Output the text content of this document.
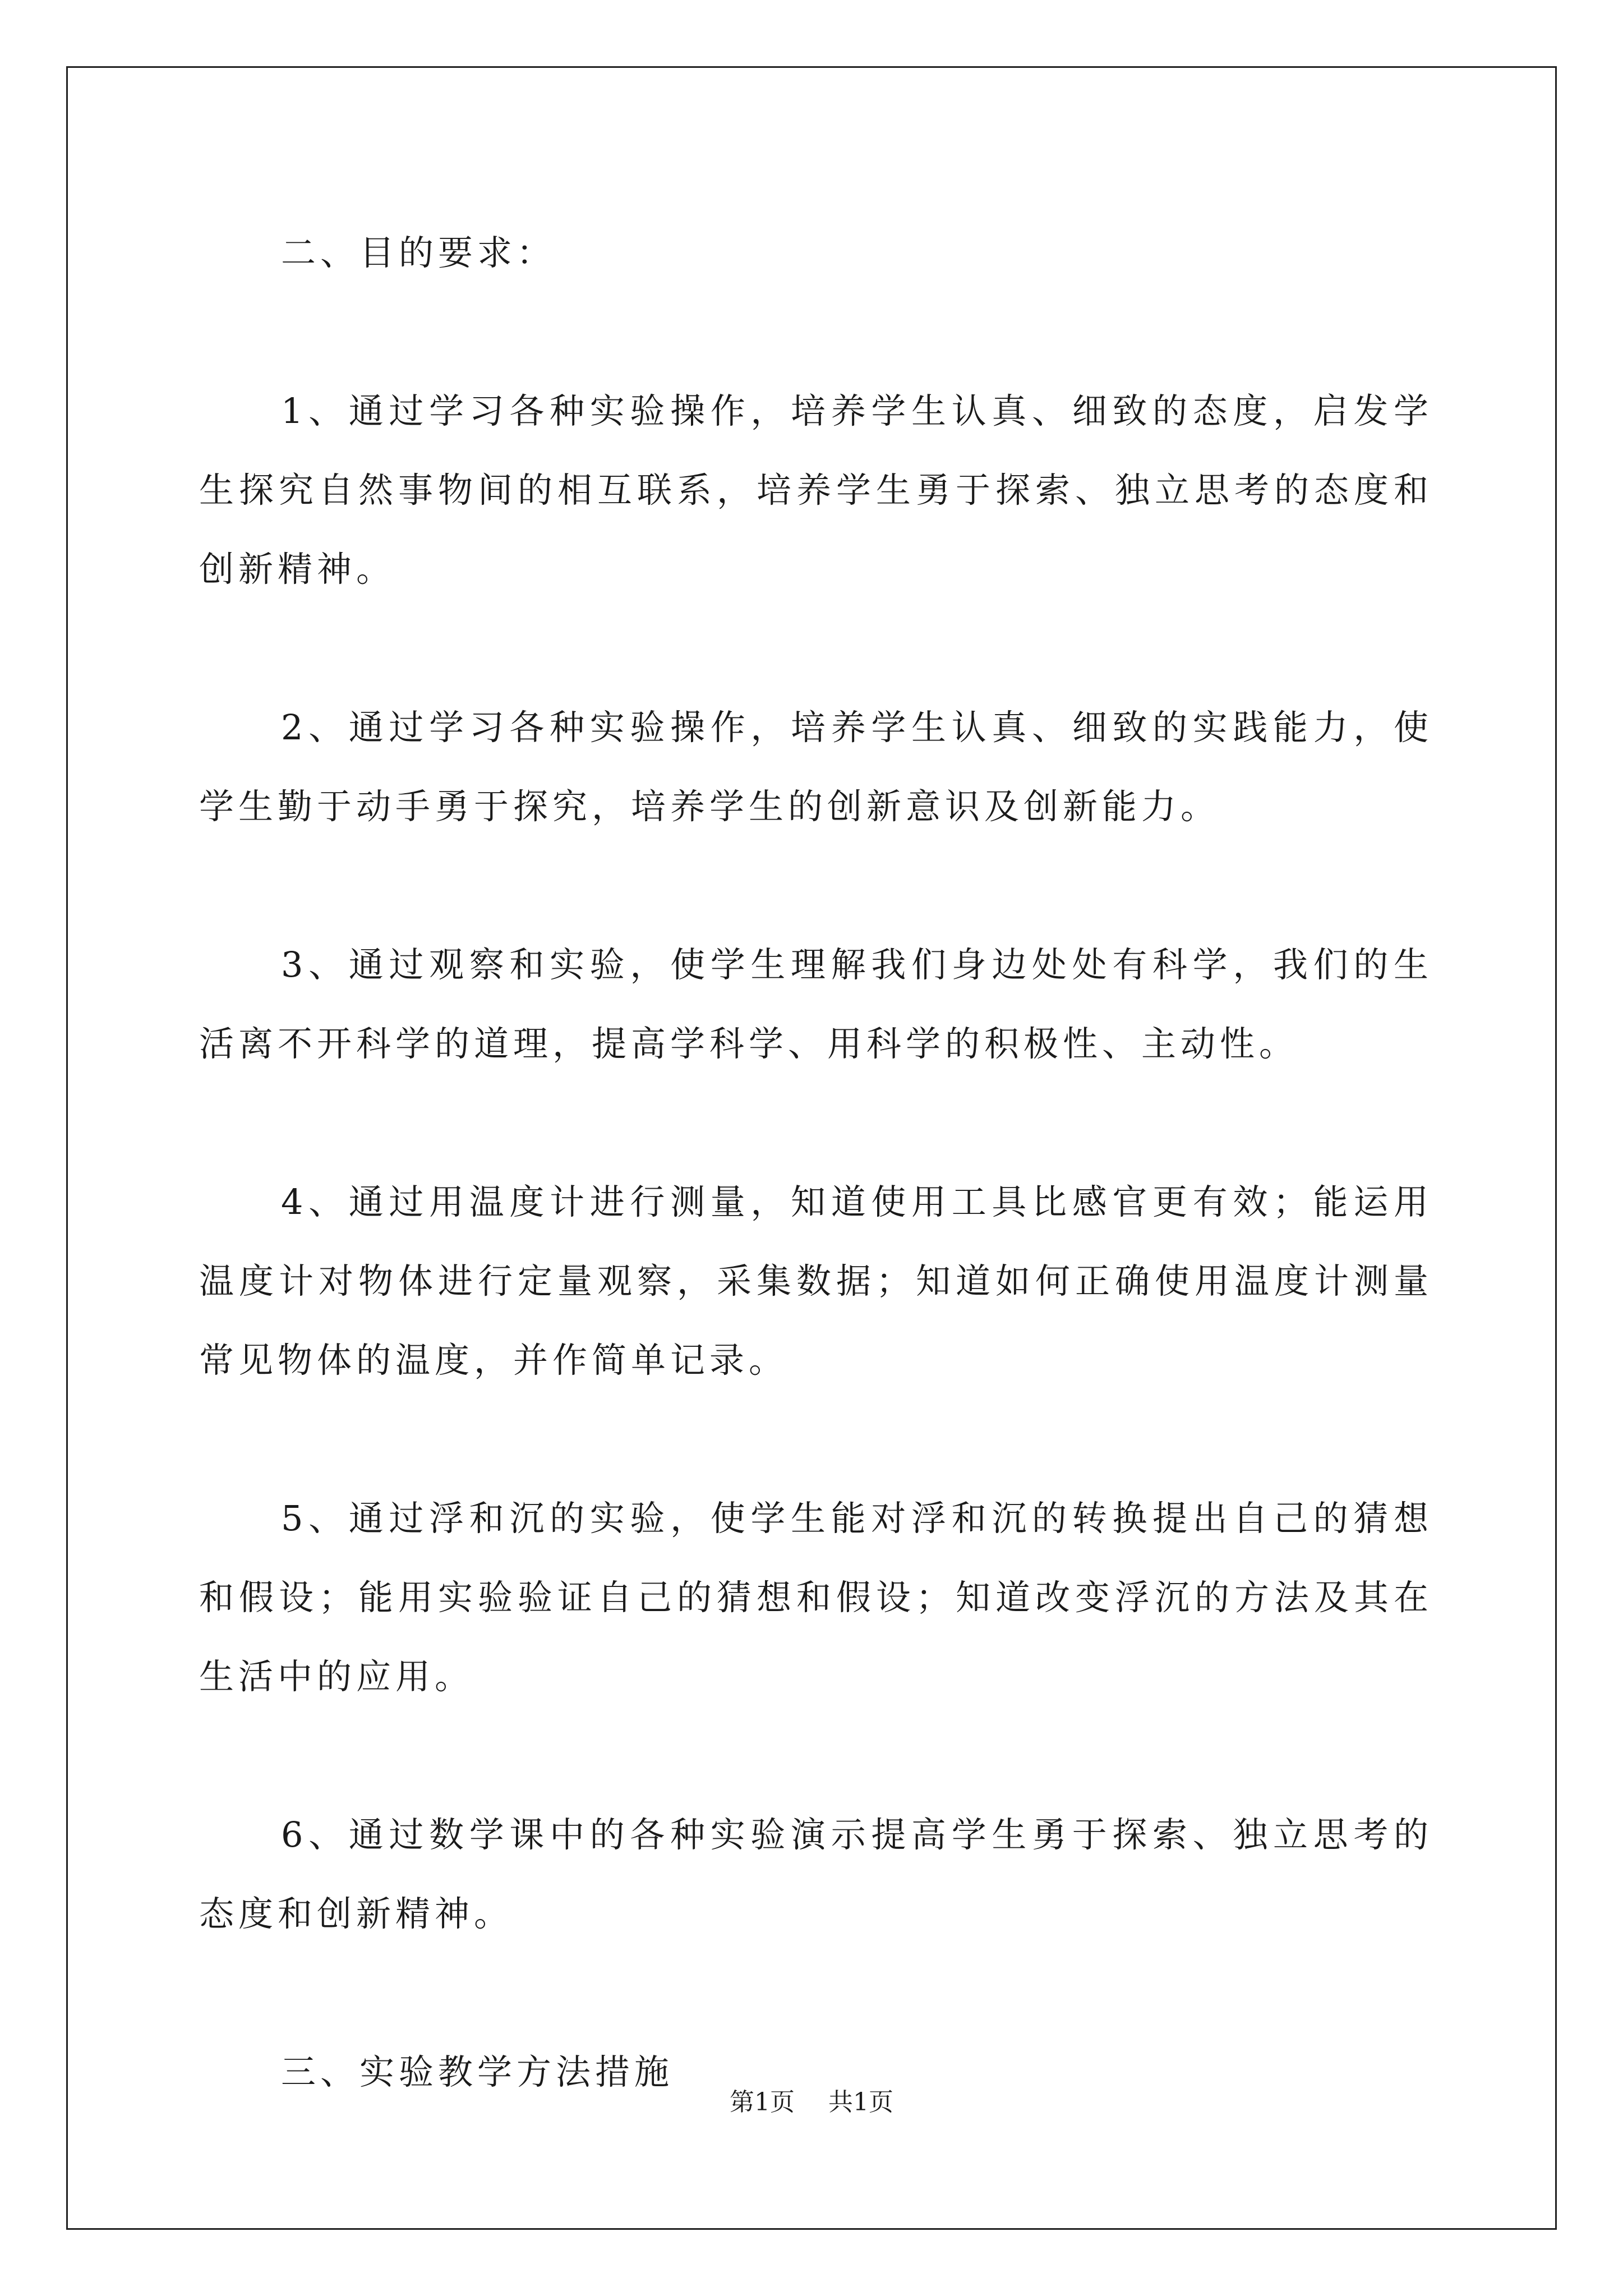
二、目的要求：

1、通过学习各种实验操作，培养学生认真、细致的态度，启发学生探究自然事物间的相互联系，培养学生勇于探索、独立思考的态度和创新精神。

2、通过学习各种实验操作，培养学生认真、细致的实践能力，使学生勤于动手勇于探究，培养学生的创新意识及创新能力。

3、通过观察和实验，使学生理解我们身边处处有科学，我们的生活离不开科学的道理，提高学科学、用科学的积极性、主动性。

4、通过用温度计进行测量，知道使用工具比感官更有效；能运用温度计对物体进行定量观察，采集数据；知道如何正确使用温度计测量常见物体的温度，并作简单记录。

5、通过浮和沉的实验，使学生能对浮和沉的转换提出自己的猜想和假设；能用实验验证自己的猜想和假设；知道改变浮沉的方法及其在生活中的应用。

6、通过数学课中的各种实验演示提高学生勇于探索、独立思考的态度和创新精神。

三、实验教学方法措施

第1页 共1页
